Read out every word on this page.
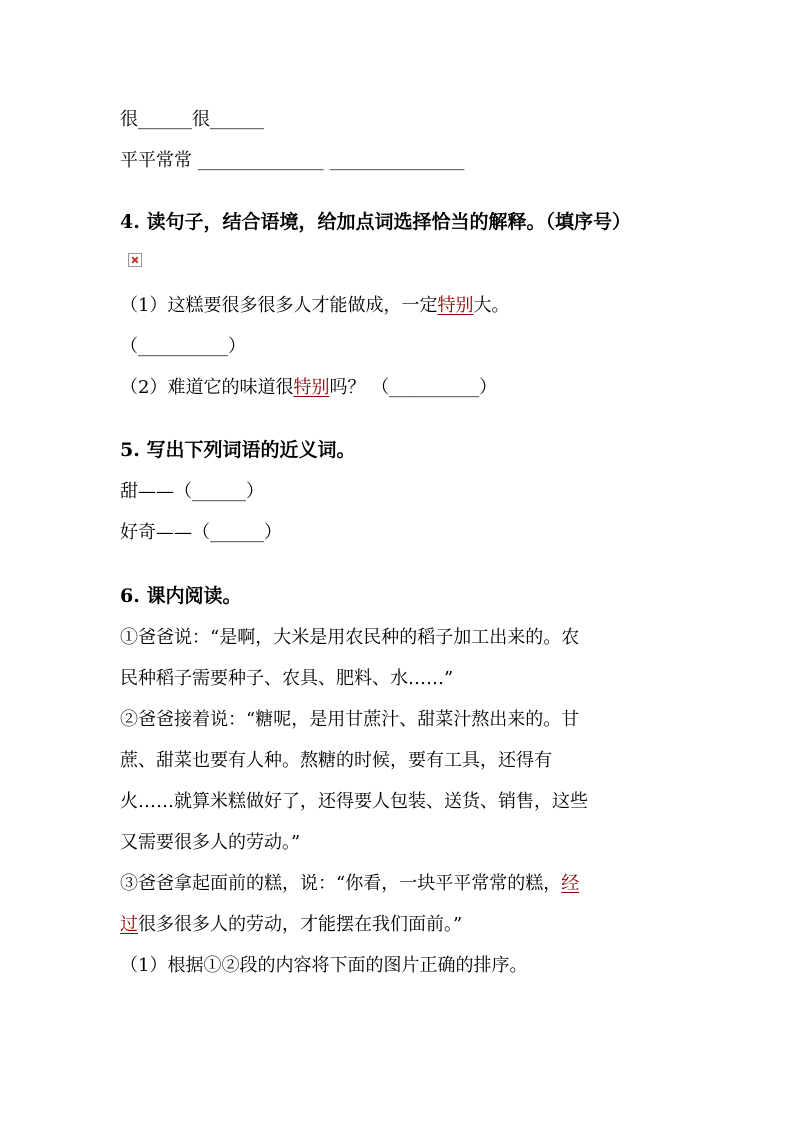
很______很______
平平常常 ______________ _______________
4. 读句子，结合语境，给加点词选择恰当的解释。（填序号）
（1）这糕要很多很多人才能做成，一定特别大。
（__________）
（2）难道它的味道很特别吗？ （__________）
5. 写出下列词语的近义词。
甜——（______）
好奇——（______）
6. 课内阅读。
①爸爸说：“是啊，大米是用农民种的稻子加工出来的。农
民种稻子需要种子、农具、肥料、水……”
②爸爸接着说：“糖呢，是用甘蔗汁、甜菜汁熬出来的。甘
蔗、甜菜也要有人种。熬糖的时候，要有工具，还得有
火……就算米糕做好了，还得要人包装、送货、销售，这些
又需要很多人的劳动。”
③爸爸拿起面前的糕，说：“你看，一块平平常常的糕，经
过很多很多人的劳动，才能摆在我们面前。”
（1）根据①②段的内容将下面的图片正确的排序。
